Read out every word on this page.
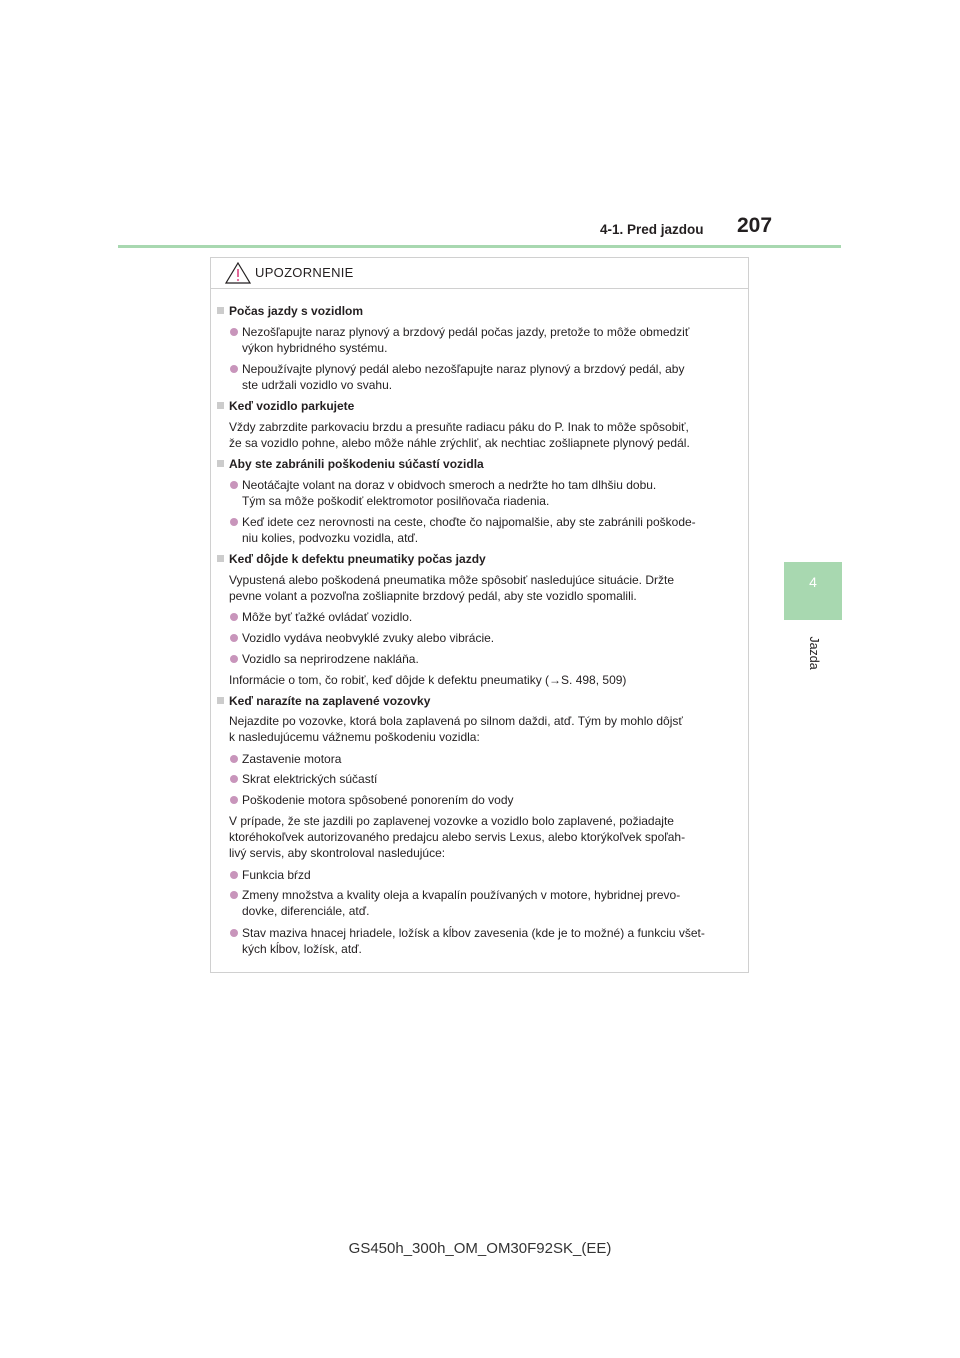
4-1. Pred jazdou 207
4
Jazda
UPOZORNENIE
Počas jazdy s vozidlom
Nezošľapujte naraz plynový a brzdový pedál počas jazdy, pretože to môže obmedziť
výkon hybridného systému.
Nepoužívajte plynový pedál alebo nezošľapujte naraz plynový a brzdový pedál, aby
ste udržali vozidlo vo svahu.
Keď vozidlo parkujete
Vždy zabrzdite parkovaciu brzdu a presuňte radiacu páku do P. Inak to môže spôsobiť,
že sa vozidlo pohne, alebo môže náhle zrýchliť, ak nechtiac zošliapnete plynový pedál.
Aby ste zabránili poškodeniu súčastí vozidla
Neotáčajte volant na doraz v obidvoch smeroch a nedržte ho tam dlhšiu dobu.
Tým sa môže poškodiť elektromotor posilňovača riadenia.
Keď idete cez nerovnosti na ceste, choďte čo najpomalšie, aby ste zabránili poškode-
niu kolies, podvozku vozidla, atď.
Keď dôjde k defektu pneumatiky počas jazdy
Vypustená alebo poškodená pneumatika môže spôsobiť nasledujúce situácie. Držte
pevne volant a pozvoľna zošliapnite brzdový pedál, aby ste vozidlo spomalili.
Môže byť ťažké ovládať vozidlo.
Vozidlo vydáva neobvyklé zvuky alebo vibrácie.
Vozidlo sa neprirodzene nakláňa.
Informácie o tom, čo robiť, keď dôjde k defektu pneumatiky (→S. 498, 509)
Keď narazíte na zaplavené vozovky
Nejazdite po vozovke, ktorá bola zaplavená po silnom daždi, atď. Tým by mohlo dôjsť
k nasledujúcemu vážnemu poškodeniu vozidla:
Zastavenie motora
Skrat elektrických súčastí
Poškodenie motora spôsobené ponorením do vody
V prípade, že ste jazdili po zaplavenej vozovke a vozidlo bolo zaplavené, požiadajte
ktoréhokoľvek autorizovaného predajcu alebo servis Lexus, alebo ktorýkoľvek spoľah-
livý servis, aby skontroloval nasledujúce:
Funkcia bŕzd
Zmeny množstva a kvality oleja a kvapalín používaných v motore, hybridnej prevo-
dovke, diferenciále, atď.
Stav maziva hnacej hriadele, ložísk a kĺbov zavesenia (kde je to možné) a funkciu všet-
kých kĺbov, ložísk, atď.
GS450h_300h_OM_OM30F92SK_(EE)
